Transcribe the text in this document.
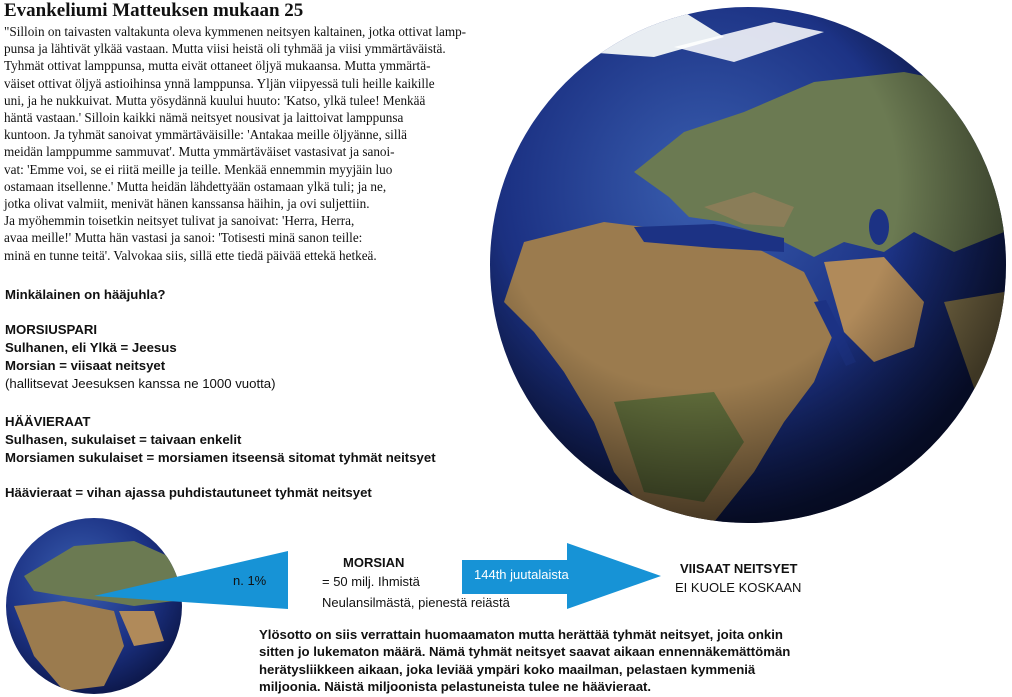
Evankeliumi Matteuksen mukaan 25
"Silloin on taivasten valtakunta oleva kymmenen neitsyen kaltainen, jotka ottivat lamp-
punsa ja lähtivät ylkää vastaan. Mutta viisi heistä oli tyhmää ja viisi ymmärtäväistä.
Tyhmät ottivat lamppunsa, mutta eivät ottaneet öljyä mukaansa. Mutta ymmärtä-
väiset ottivat öljyä astioihinsa ynnä lamppunsa. Yljän viipyessä tuli heille kaikille
uni, ja he nukkuivat. Mutta yösydännä kuului huuto: 'Katso, ylkä tulee! Menkää
häntä vastaan.' Silloin kaikki nämä neitsyet nousivat ja laittoivat lamppunsa
kuntoon. Ja tyhmät sanoivat ymmärtäväisille: 'Antakaa meille öljyänne, sillä
meidän lamppumme sammuvat'. Mutta ymmärtäväiset vastasivat ja sanoi-
vat: 'Emme voi, se ei riitä meille ja teille. Menkää ennemmin myyjäin luo
ostamaan itsellenne.' Mutta heidän lähdettyään ostamaan ylkä tuli; ja ne,
jotka olivat valmiit, menivät hänen kanssansa häihin, ja ovi suljettiin.
Ja myöhemmin toisetkin neitsyet tulivat ja sanoivat: 'Herra, Herra,
avaa meille!' Mutta hän vastasi ja sanoi: 'Totisesti minä sanon teille:
minä en tunne teitä'. Valvokaa siis, sillä ette tiedä päivää ettekä hetkeä.
Minkälainen on hääjuhla?
MORSIUSPARI
Sulhanen, eli Ylkä = Jeesus
Morsian = viisaat neitsyet
(hallitsevat Jeesuksen kanssa ne 1000 vuotta)
HÄÄVIERAAT
Sulhasen, sukulaiset = taivaan enkelit
Morsiamen sukulaiset = morsiamen itseensä sitomat tyhmät neitsyet
Häävieraat = vihan ajassa puhdistautuneet tyhmät neitsyet
n. 1%
MORSIAN
= 50 milj. Ihmistä
Neulansilmästä, pienestä reiästä
144th juutalaista	VIISAAT NEITSYET
EI KUOLE KOSKAAN
Ylösotto on siis verrattain huomaamaton mutta herättää tyhmät neitsyet, joita onkin
sitten jo lukematon määrä. Nämä tyhmät neitsyet saavat aikaan ennennäkemättömän
herätysliikkeen aikaan, joka leviää ympäri koko maailman, pelastaen kymmeniä
miljoonia. Näistä miljoonista pelastuneista tulee ne häävieraat.
